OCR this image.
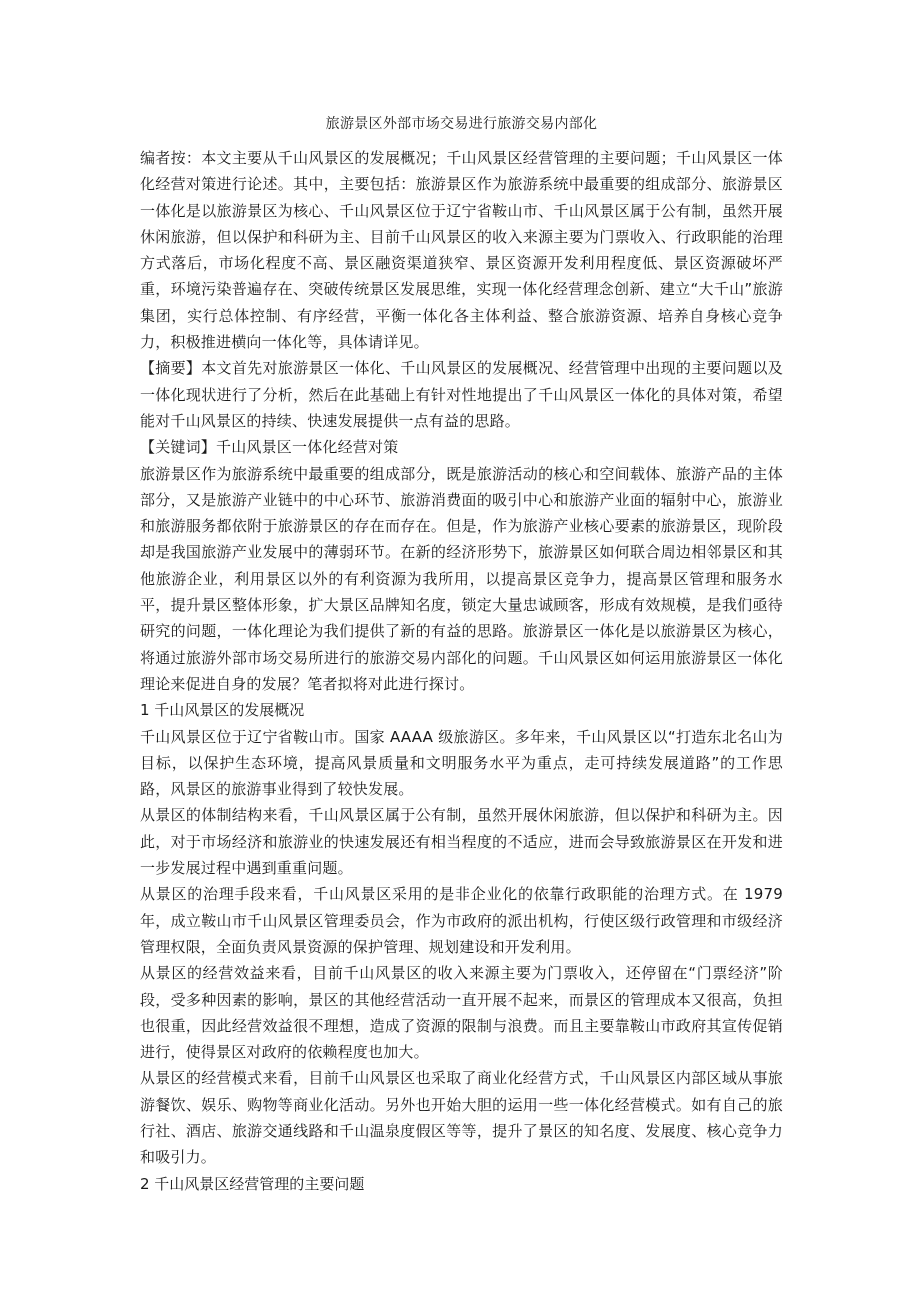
旅游景区外部市场交易进行旅游交易内部化

编者按：本文主要从千山风景区的发展概况；千山风景区经营管理的主要问题；千山风景区一体化经营对策进行论述。其中，主要包括：旅游景区作为旅游系统中最重要的组成部分、旅游景区一体化是以旅游景区为核心、千山风景区位于辽宁省鞍山市、千山风景区属于公有制，虽然开展休闲旅游，但以保护和科研为主、目前千山风景区的收入来源主要为门票收入、行政职能的治理方式落后，市场化程度不高、景区融资渠道狭窄、景区资源开发利用程度低、景区资源破坏严重，环境污染普遍存在、突破传统景区发展思维，实现一体化经营理念创新、建立“大千山”旅游集团，实行总体控制、有序经营，平衡一体化各主体利益、整合旅游资源、培养自身核心竞争力，积极推进横向一体化等，具体请详见。

【摘要】本文首先对旅游景区一体化、千山风景区的发展概况、经营管理中出现的主要问题以及一体化现状进行了分析，然后在此基础上有针对性地提出了千山风景区一体化的具体对策，希望能对千山风景区的持续、快速发展提供一点有益的思路。

【关键词】千山风景区一体化经营对策

旅游景区作为旅游系统中最重要的组成部分，既是旅游活动的核心和空间载体、旅游产品的主体部分，又是旅游产业链中的中心环节、旅游消费面的吸引中心和旅游产业面的辐射中心，旅游业和旅游服务都依附于旅游景区的存在而存在。但是，作为旅游产业核心要素的旅游景区，现阶段却是我国旅游产业发展中的薄弱环节。在新的经济形势下，旅游景区如何联合周边相邻景区和其他旅游企业，利用景区以外的有利资源为我所用，以提高景区竞争力，提高景区管理和服务水平，提升景区整体形象，扩大景区品牌知名度，锁定大量忠诚顾客，形成有效规模，是我们亟待研究的问题，一体化理论为我们提供了新的有益的思路。旅游景区一体化是以旅游景区为核心，将通过旅游外部市场交易所进行的旅游交易内部化的问题。千山风景区如何运用旅游景区一体化理论来促进自身的发展？笔者拟将对此进行探讨。

1 千山风景区的发展概况

千山风景区位于辽宁省鞍山市。国家 AAAA 级旅游区。多年来，千山风景区以“打造东北名山为目标，以保护生态环境，提高风景质量和文明服务水平为重点，走可持续发展道路”的工作思路，风景区的旅游事业得到了较快发展。

从景区的体制结构来看，千山风景区属于公有制，虽然开展休闲旅游，但以保护和科研为主。因此，对于市场经济和旅游业的快速发展还有相当程度的不适应，进而会导致旅游景区在开发和进一步发展过程中遇到重重问题。

从景区的治理手段来看，千山风景区采用的是非企业化的依靠行政职能的治理方式。在 1979 年，成立鞍山市千山风景区管理委员会，作为市政府的派出机构，行使区级行政管理和市级经济管理权限，全面负责风景资源的保护管理、规划建设和开发利用。

从景区的经营效益来看，目前千山风景区的收入来源主要为门票收入，还停留在“门票经济”阶段，受多种因素的影响，景区的其他经营活动一直开展不起来，而景区的管理成本又很高，负担也很重，因此经营效益很不理想，造成了资源的限制与浪费。而且主要靠鞍山市政府其宣传促销进行，使得景区对政府的依赖程度也加大。

从景区的经营模式来看，目前千山风景区也采取了商业化经营方式，千山风景区内部区域从事旅游餐饮、娱乐、购物等商业化活动。另外也开始大胆的运用一些一体化经营模式。如有自己的旅行社、酒店、旅游交通线路和千山温泉度假区等等，提升了景区的知名度、发展度、核心竞争力和吸引力。

2 千山风景区经营管理的主要问题
